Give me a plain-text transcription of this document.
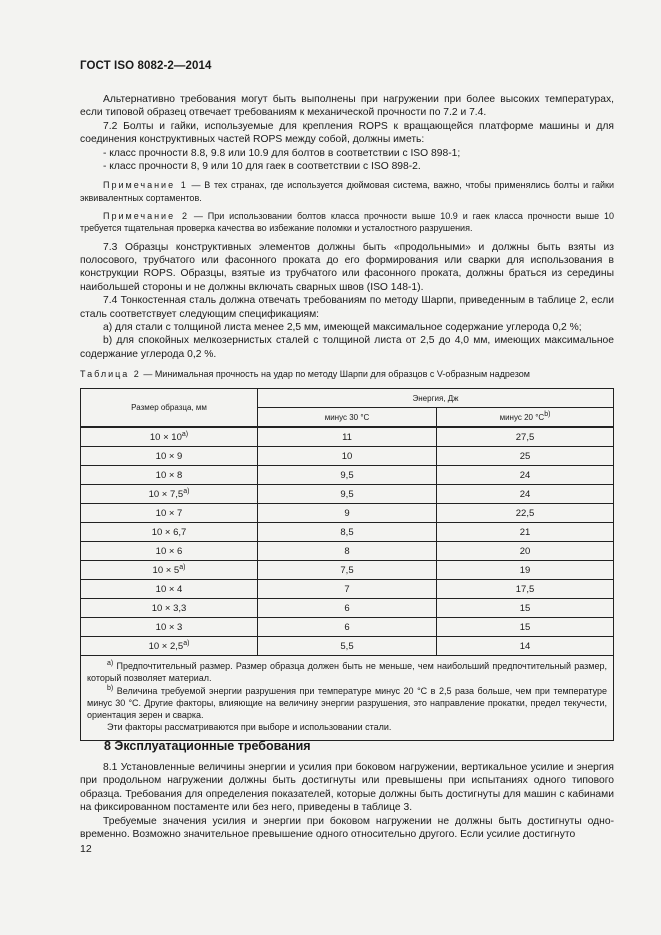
ГОСТ ISO 8082-2—2014

Альтернативно требования могут быть выполнены при нагружении при более высоких температурах, если типовой образец отвечает требованиям к механической прочности по 7.2 и 7.4.

7.2 Болты и гайки, используемые для крепления ROPS к вращающейся платформе машины и для соединения конструктивных частей ROPS между собой, должны иметь:

- класс прочности 8.8, 9.8 или 10.9 для болтов в соответствии с ISO 898-1;

- класс прочности 8, 9 или 10 для гаек в соответствии с ISO 898-2.

Примечание 1 — В тех странах, где используется дюймовая система, важно, чтобы применялись болты и гайки эквивалентных сортаментов.

Примечание 2 — При использовании болтов класса прочности выше 10.9 и гаек класса прочности выше 10 требуется тщательная проверка качества во избежание поломки и усталостного разрушения.

7.3 Образцы конструктивных элементов должны быть «продольными» и должны быть взяты из полосового, трубчатого или фасонного проката до его формирования или сварки для использования в конструкции ROPS. Образцы, взятые из трубчатого или фасонного проката, должны браться из середины наибольшей стороны и не должны включать сварных швов (ISO 148-1).

7.4 Тонкостенная сталь должна отвечать требованиям по методу Шарпи, приведенным в таблице 2, если сталь соответствует следующим спецификациям:

а) для стали с толщиной листа менее 2,5 мм, имеющей максимальное содержание углерода 0,2 %;

b) для спокойных мелкозернистых сталей с толщиной листа от 2,5 до 4,0 мм, имеющих максимальное содержание углерода 0,2 %.

Таблица 2 — Минимальная прочность на удар по методу Шарпи для образцов с V-образным надрезом
Размер образца, мм	Энергия, Дж	
	минус 30 °С	минус 20 $^\circ С^{b)}$
$10 \times 10^{a)}$	11	27,5
10 × 9	10	25
10 × 8	9,5	24
$10 \times 7,5^{a)}$	9,5	24
10 × 7	9	22,5
10 × 6,7	8,5	21
10 × 6	8	20
$10 \times 5^{a)}$	7,5	19
10 × 4	7	17,5
10 × 3,3	6	15
10 × 3	6	15
$10 \times 2,5^{a)}$	5,5	14

$^{a)}$ Предпочтительный размер. Размер образца должен быть не меньше, чем наибольший предпочтительный размер, который позволяет материал.

$^{b)}$ Величина требуемой энергии разрушения при температуре минус 20 °С в 2,5 раза больше, чем при температуре минус 30 °С. Другие факторы, влияющие на величину энергии разрушения, это направление прокатки, предел текучести, ориентация зерен и сварка.

Эти факторы рассматриваются при выборе и использовании стали.		

8 Эксплуатационные требования

8.1 Установленные величины энергии и усилия при боковом нагружении, вертикальное усилие и энергия при продольном нагружении должны быть достигнуты или превышены при испытаниях одного типового образца. Требования для определения показателей, которые должны быть достигнуты для машин с кабинами на фиксированном постаменте или без него, приведены в таблице 3.

Требуемые значения усилия и энергии при боковом нагружении не должны быть достигнуты одновременно. Возможно значительное превышение одного относительно другого. Если усилие достигнуто

12
